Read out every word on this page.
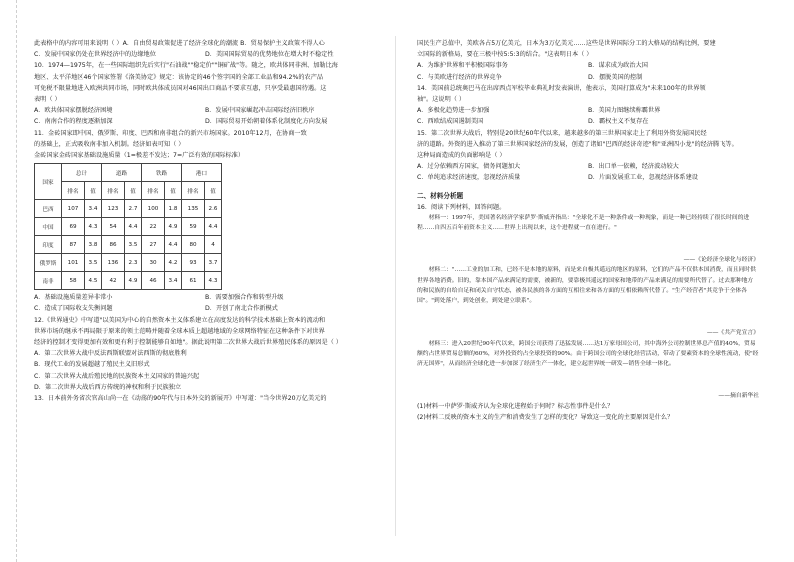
此表格中的内容可用来说明（ ）A．自由贸易政策促进了经济全球化的潮流 B．贸易保护主义政策不得人心
C．发展中国家仍处在世界经济中的边缘地位	D．美国国际贸易的优势地位在增大时不稳定性
10．1974—1975年，在一些国际组织先后实行"石油战""稳定价""铜矿战"等。随之，欧共体同非洲、加勒比海
地区、太平洋地区46个国家签署《洛美协定》规定：该协定的46个签字国的全部工业品和94.2%的农产品
可免税不限量地进入欧洲共同市场，同时欧共体成员国对46国出口商品不要求互惠，只享受最惠国待遇。这
表明（ ）
A．欧共体国家摆脱经济困境	B．发展中国家崛起冲击国际经济旧秩序
C．南南合作的程度逐渐加深	D．国际贸易开始朝着体系化制度化方向发展
11．金砖国家即中国、俄罗斯、印度、巴西和南非组合的新兴市场国家。2010年12月，在协商一致
的基础上，正式吸收南非加入机制。经济如表可知（ ）
金砖国家金砖国家基础设施质量（1=极差不发达；7=广泛有效的国际标准）
国家	总计		道路		铁路		港口	
	排名	值	排名	值	排名	值	排名	值
巴西	107	3.4	123	2.7	100	1.8	135	2.6
中国	69	4.3	54	4.4	22	4.9	59	4.4
印度	87	3.8	86	3.5	27	4.4	80	4
俄罗斯	101	3.5	136	2.3	30	4.2	93	3.7
南非	58	4.5	42	4.9	46	3.4	61	4.3
A．基础设施质量差异非常小	B．需要加强合作和转型升级
C．造成了国际收支失衡问题	D．开创了南北合作新模式
12.《世界通史》中写道"以美国为中心的自然资本主义体系建立在高度发达的科学技术基础上资本的流动和
世界市场的继承不再局限于原来的领土范畴并随着全球本质上超越地域的全球网络特征在这种条件下对世界
经济的控制才变得更加有效和更有利于控制能够自如地"。据此说明第二次世界大战后世界殖民体系的原因是（ ）
A．第二次世界大战中反法西斯联盟对法西斯的彻底胜利
B．现代工业的发展超越了殖民主义旧形式
C．第二次世界大战后殖民地的民族资本主义国家的普遍兴起
D．第二次世界大战后西方传统的神权和利于民族独立
13．日本前外务省次官高山尚一在《动荡的90年代与日本外交的新展开》中写道："当今世界20万亿美元的
国民生产总值中，美欧各占5万亿美元，日本为3万亿美元……这些是世界国际分工的大格局的结构比例，要建
立国际的新格局，要在三极中按5:5:3的结合。"这表明日本（ ）
A．为维护世界和平积极国际事务	B．谋求成为政治大国
C．与美欧进行经济的世界竞争	D．摆脱美国的控制
14．美国前总统奥巴马在出席西点军校毕业典礼时发表演讲，他表示，美国打算成为"未来100年的世界领
袖"。这说明（ ）
A．多极化趋势进一步加强	B．美国力图继续称霸世界
C．西欧结成国遏制美国	D．霸权主义不复存在
15．第二次世界大战后，特别是20世纪60年代以来，越来越多的第三世界国家走上了利用外资发展国民经
济的道路。外资的进入推动了第三世界国家经济的发展，创造了诸如"巴西的经济奇迹"和"亚洲四小龙"的经济腾飞等。
这种局面造成的负面影响是（ ）
A．过分依赖西方国家，债务问题加大	B．出口单一依赖，经济波动较大
C．单纯追求经济速度，忽视经济质量	D．片面发展重工业，忽视经济体系建设
二、材料分析题
16．阅读下列材料，回答问题。
材料一：1997年，美国著名经济学家萨罗·斯威齐指出："全球化不是一种条件或一种现象，而是一种已经持续了很长时间的进程……自四五百年前资本主义……世界上出现以来，这个进程就一直在进行。"
——《论经济全球化与经济》
材料二："……工业的加工和，已经不是本地的原料，而是来自极其遥远的地区的原料，它们的产品不仅供本国消费，而且同时供世界各地消费。旧的，靠本国产品来满足的需要，被新的，要靠极其遥远的国家和地带的产品来满足的需要所代替了。过去那种地方的和民族的自给自足和闭关自守状态，被各民族的各方面的互相往来和各方面的互相依赖所代替了。"生产经营者"其竞争于全体各国"。"到处落户，到处创业，到处建立联系"。
——《共产党宣言》
材料三：进入20世纪90年代以来，跨国公司获得了迅猛发展……达1万家母国公司，其中海外公司控制世界总产值的40%，贸易额约占世界贸易总额的60%，对外投资约占全球投资的90%。由于跨国公司的全球化经营活动，带动了要素资本的全球性流动，使"经济无国界"，从而经济全球化进一步加深了经济生产一体化，建立起世界统一研发—销售全球一体化。
——摘自新华社
(1)材料一中萨罗·斯威齐认为全球化进程始于何时？标志性事件是什么？
(2)材料二反映的资本主义的生产和消费发生了怎样的变化？导致这一变化的主要原因是什么？
